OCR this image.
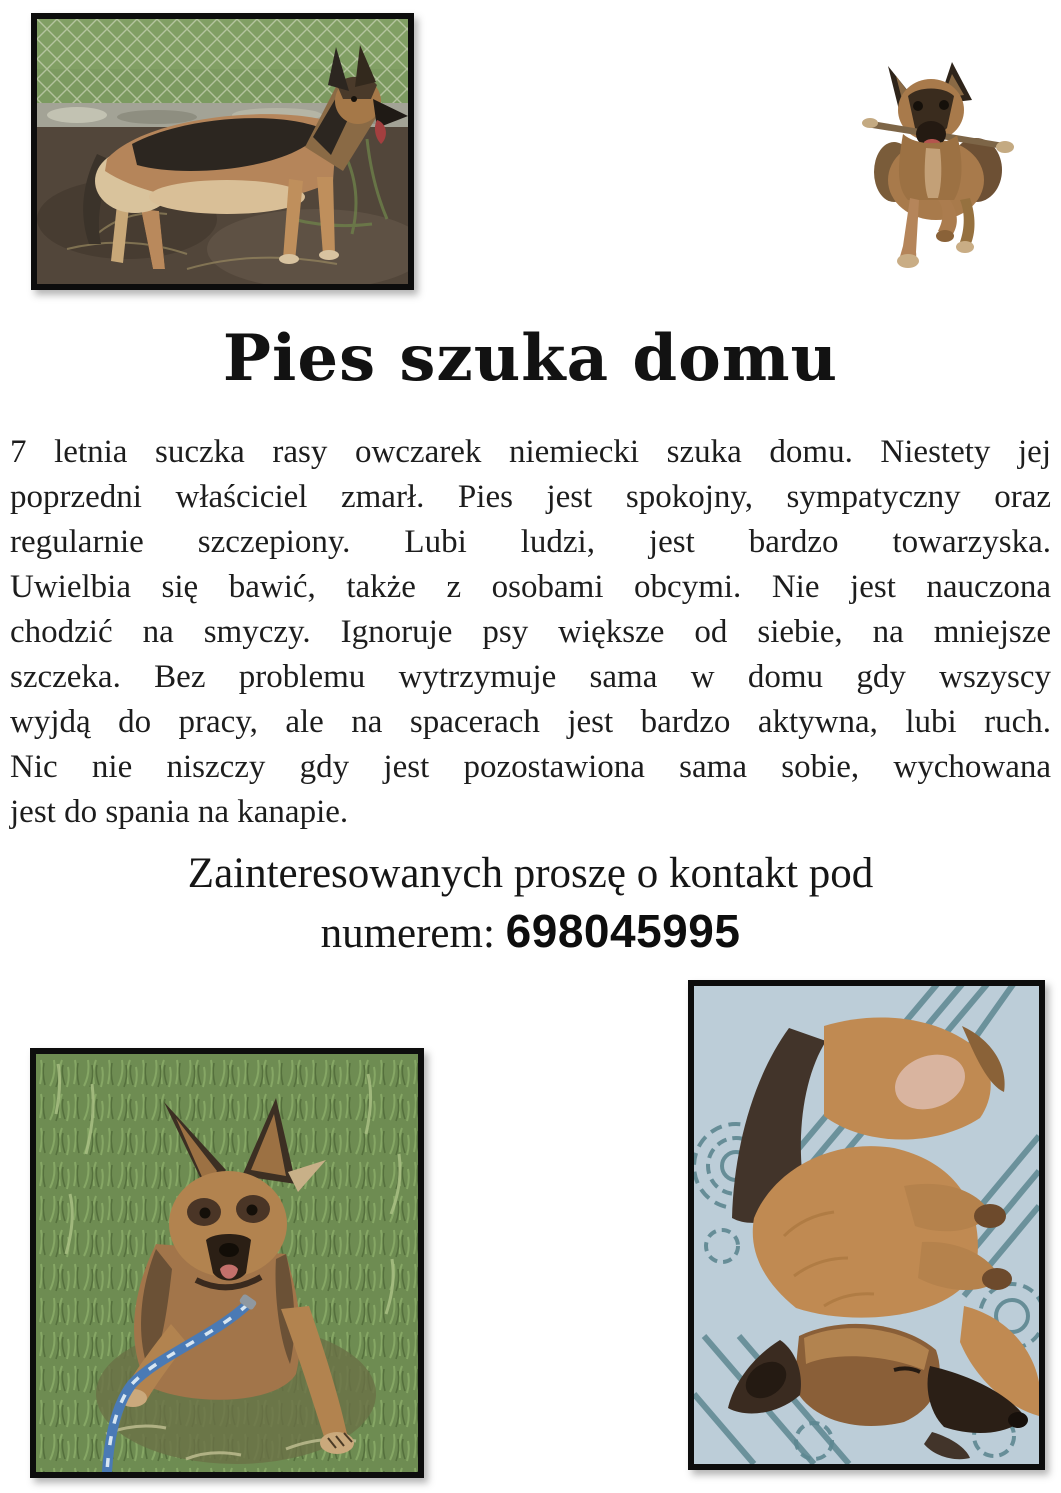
Pies szuka domu
7 letnia suczka rasy owczarek niemiecki szuka domu. Niestety jej
poprzedni właściciel zmarł. Pies jest spokojny, sympatyczny oraz
regularnie szczepiony. Lubi ludzi, jest bardzo towarzyska.
Uwielbia się bawić, także z osobami obcymi. Nie jest nauczona
chodzić na smyczy. Ignoruje psy większe od siebie, na mniejsze
szczeka. Bez problemu wytrzymuje sama w domu gdy wszyscy
wyjdą do pracy, ale na spacerach jest bardzo aktywna, lubi ruch.
Nic nie niszczy gdy jest pozostawiona sama sobie, wychowana
jest do spania na kanapie.
Zainteresowanych proszę o kontakt pod
numerem: 698045995
